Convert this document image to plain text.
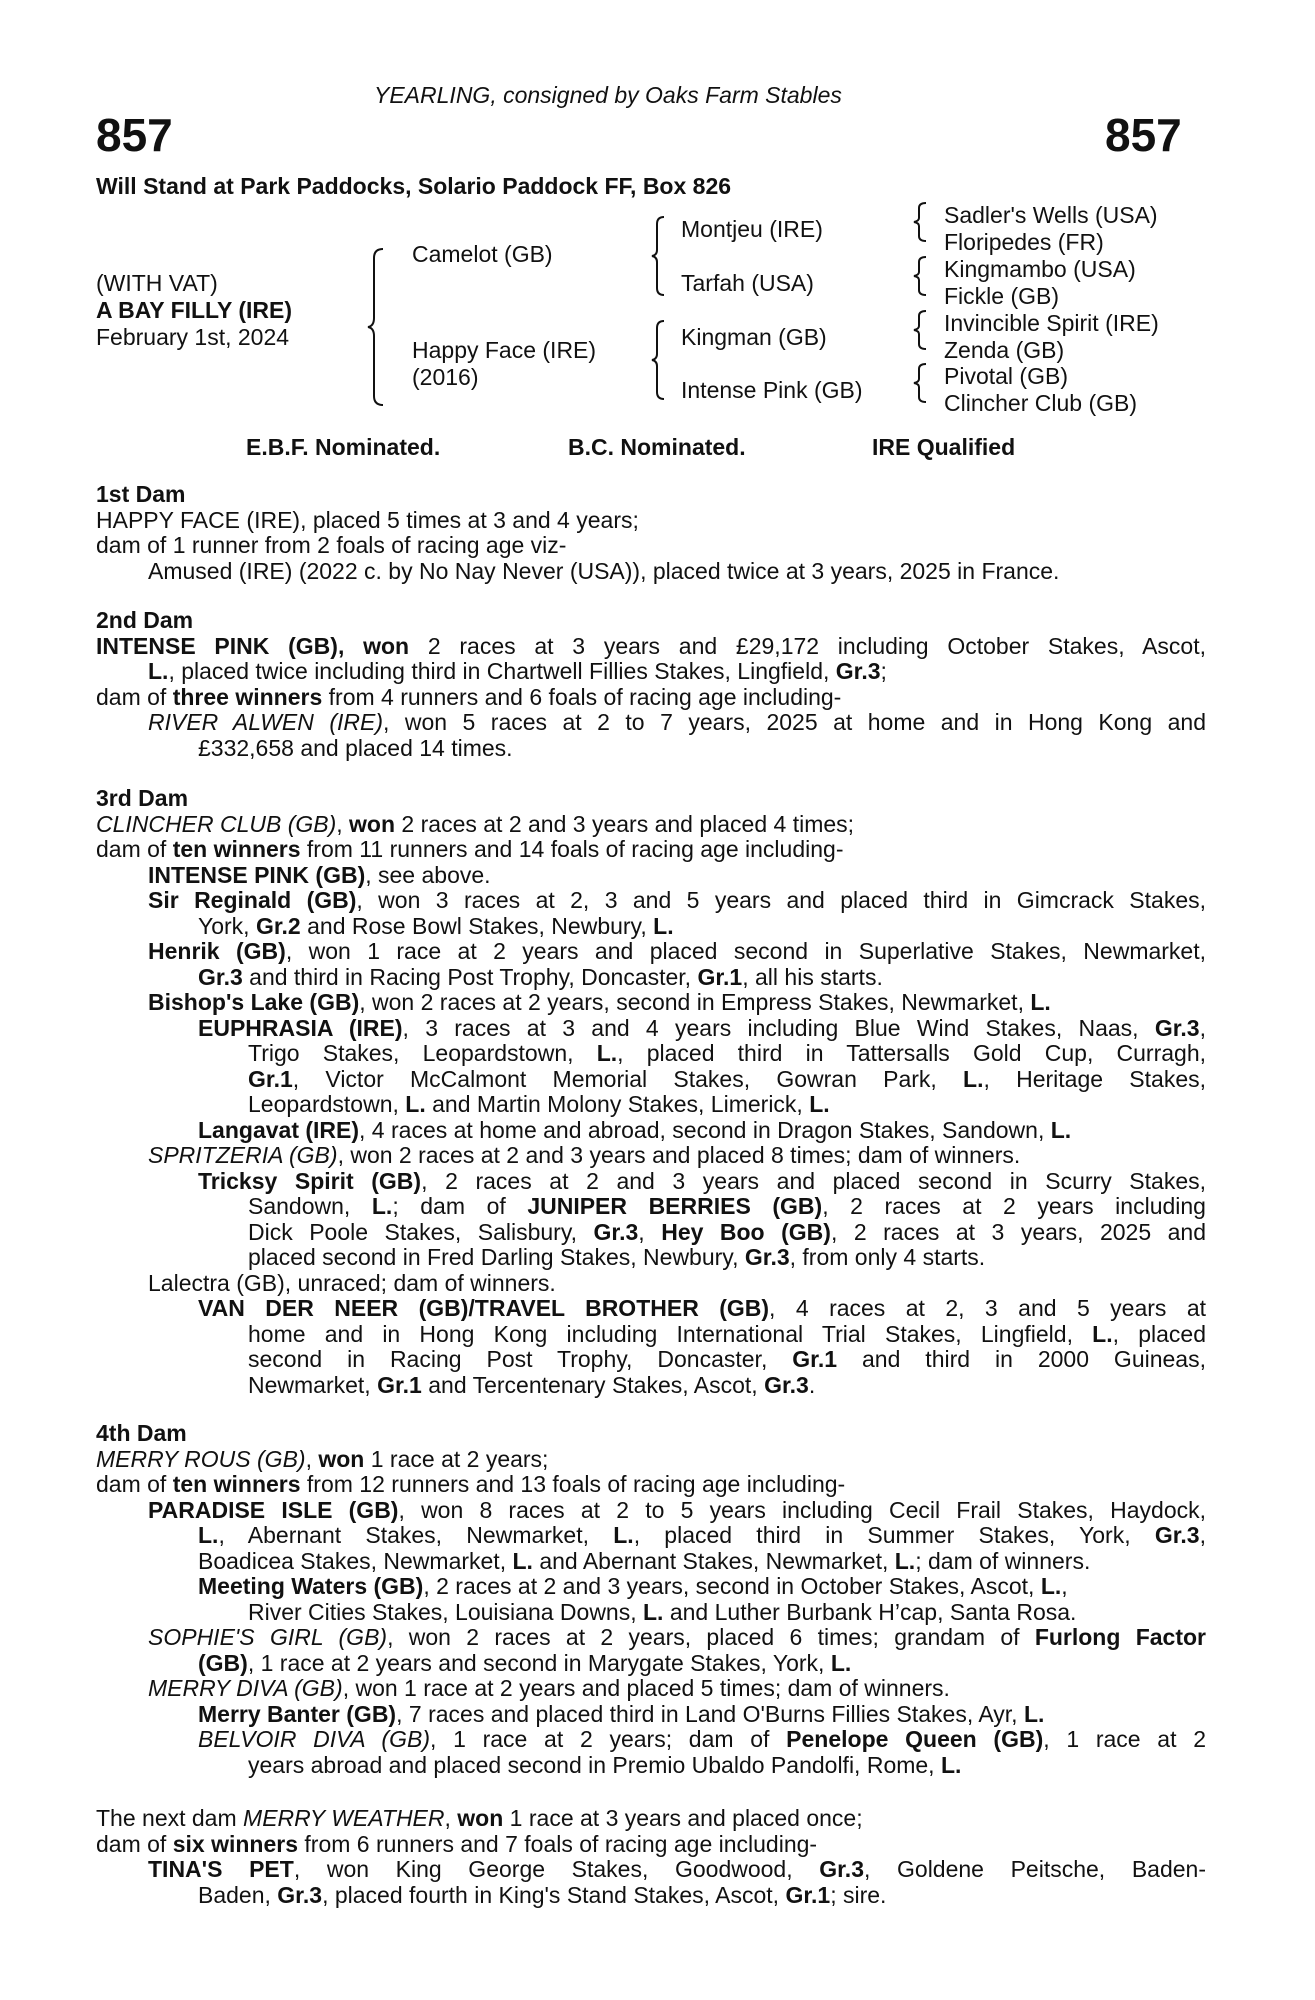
YEARLING, consigned by Oaks Farm Stables
857	857
Will Stand at Park Paddocks, Solario Paddock FF, Box 826
(WITH VAT)
A BAY FILLY (IRE)
February 1st, 2024
Camelot (GB)
Happy Face (IRE)
(2016)
Montjeu (IRE)
Tarfah (USA)
Kingman (GB)
Intense Pink (GB)
Sadler's Wells (USA)
Floripedes (FR)
Kingmambo (USA)
Fickle (GB)
Invincible Spirit (IRE)
Zenda (GB)
Pivotal (GB)
Clincher Club (GB)
E.B.F. Nominated.	B.C. Nominated.	IRE Qualified
1st Dam
HAPPY FACE (IRE), placed 5 times at 3 and 4 years;
dam of 1 runner from 2 foals of racing age viz-
Amused (IRE) (2022 c. by No Nay Never (USA)), placed twice at 3 years, 2025 in France.
2nd Dam
INTENSE PINK (GB), won 2 races at 3 years and £29,172 including October Stakes, Ascot,
L., placed twice including third in Chartwell Fillies Stakes, Lingfield, Gr.3;
dam of three winners from 4 runners and 6 foals of racing age including-
RIVER ALWEN (IRE), won 5 races at 2 to 7 years, 2025 at home and in Hong Kong and
£332,658 and placed 14 times.
3rd Dam
CLINCHER CLUB (GB), won 2 races at 2 and 3 years and placed 4 times;
dam of ten winners from 11 runners and 14 foals of racing age including-
INTENSE PINK (GB), see above.
Sir Reginald (GB), won 3 races at 2, 3 and 5 years and placed third in Gimcrack Stakes,
York, Gr.2 and Rose Bowl Stakes, Newbury, L.
Henrik (GB), won 1 race at 2 years and placed second in Superlative Stakes, Newmarket,
Gr.3 and third in Racing Post Trophy, Doncaster, Gr.1, all his starts.
Bishop's Lake (GB), won 2 races at 2 years, second in Empress Stakes, Newmarket, L.
EUPHRASIA (IRE), 3 races at 3 and 4 years including Blue Wind Stakes, Naas, Gr.3,
Trigo Stakes, Leopardstown, L., placed third in Tattersalls Gold Cup, Curragh,
Gr.1, Victor McCalmont Memorial Stakes, Gowran Park, L., Heritage Stakes,
Leopardstown, L. and Martin Molony Stakes, Limerick, L.
Langavat (IRE), 4 races at home and abroad, second in Dragon Stakes, Sandown, L.
SPRITZERIA (GB), won 2 races at 2 and 3 years and placed 8 times; dam of winners.
Tricksy Spirit (GB), 2 races at 2 and 3 years and placed second in Scurry Stakes,
Sandown, L.; dam of JUNIPER BERRIES (GB), 2 races at 2 years including
Dick Poole Stakes, Salisbury, Gr.3, Hey Boo (GB), 2 races at 3 years, 2025 and
placed second in Fred Darling Stakes, Newbury, Gr.3, from only 4 starts.
Lalectra (GB), unraced; dam of winners.
VAN DER NEER (GB)/TRAVEL BROTHER (GB), 4 races at 2, 3 and 5 years at
home and in Hong Kong including International Trial Stakes, Lingfield, L., placed
second in Racing Post Trophy, Doncaster, Gr.1 and third in 2000 Guineas,
Newmarket, Gr.1 and Tercentenary Stakes, Ascot, Gr.3.
4th Dam
MERRY ROUS (GB), won 1 race at 2 years;
dam of ten winners from 12 runners and 13 foals of racing age including-
PARADISE ISLE (GB), won 8 races at 2 to 5 years including Cecil Frail Stakes, Haydock,
L., Abernant Stakes, Newmarket, L., placed third in Summer Stakes, York, Gr.3,
Boadicea Stakes, Newmarket, L. and Abernant Stakes, Newmarket, L.; dam of winners.
Meeting Waters (GB), 2 races at 2 and 3 years, second in October Stakes, Ascot, L.,
River Cities Stakes, Louisiana Downs, L. and Luther Burbank H’cap, Santa Rosa.
SOPHIE'S GIRL (GB), won 2 races at 2 years, placed 6 times; grandam of Furlong Factor
(GB), 1 race at 2 years and second in Marygate Stakes, York, L.
MERRY DIVA (GB), won 1 race at 2 years and placed 5 times; dam of winners.
Merry Banter (GB), 7 races and placed third in Land O'Burns Fillies Stakes, Ayr, L.
BELVOIR DIVA (GB), 1 race at 2 years; dam of Penelope Queen (GB), 1 race at 2
years abroad and placed second in Premio Ubaldo Pandolfi, Rome, L.
The next dam MERRY WEATHER, won 1 race at 3 years and placed once;
dam of six winners from 6 runners and 7 foals of racing age including-
TINA'S PET, won King George Stakes, Goodwood, Gr.3, Goldene Peitsche, Baden-
Baden, Gr.3, placed fourth in King's Stand Stakes, Ascot, Gr.1; sire.
